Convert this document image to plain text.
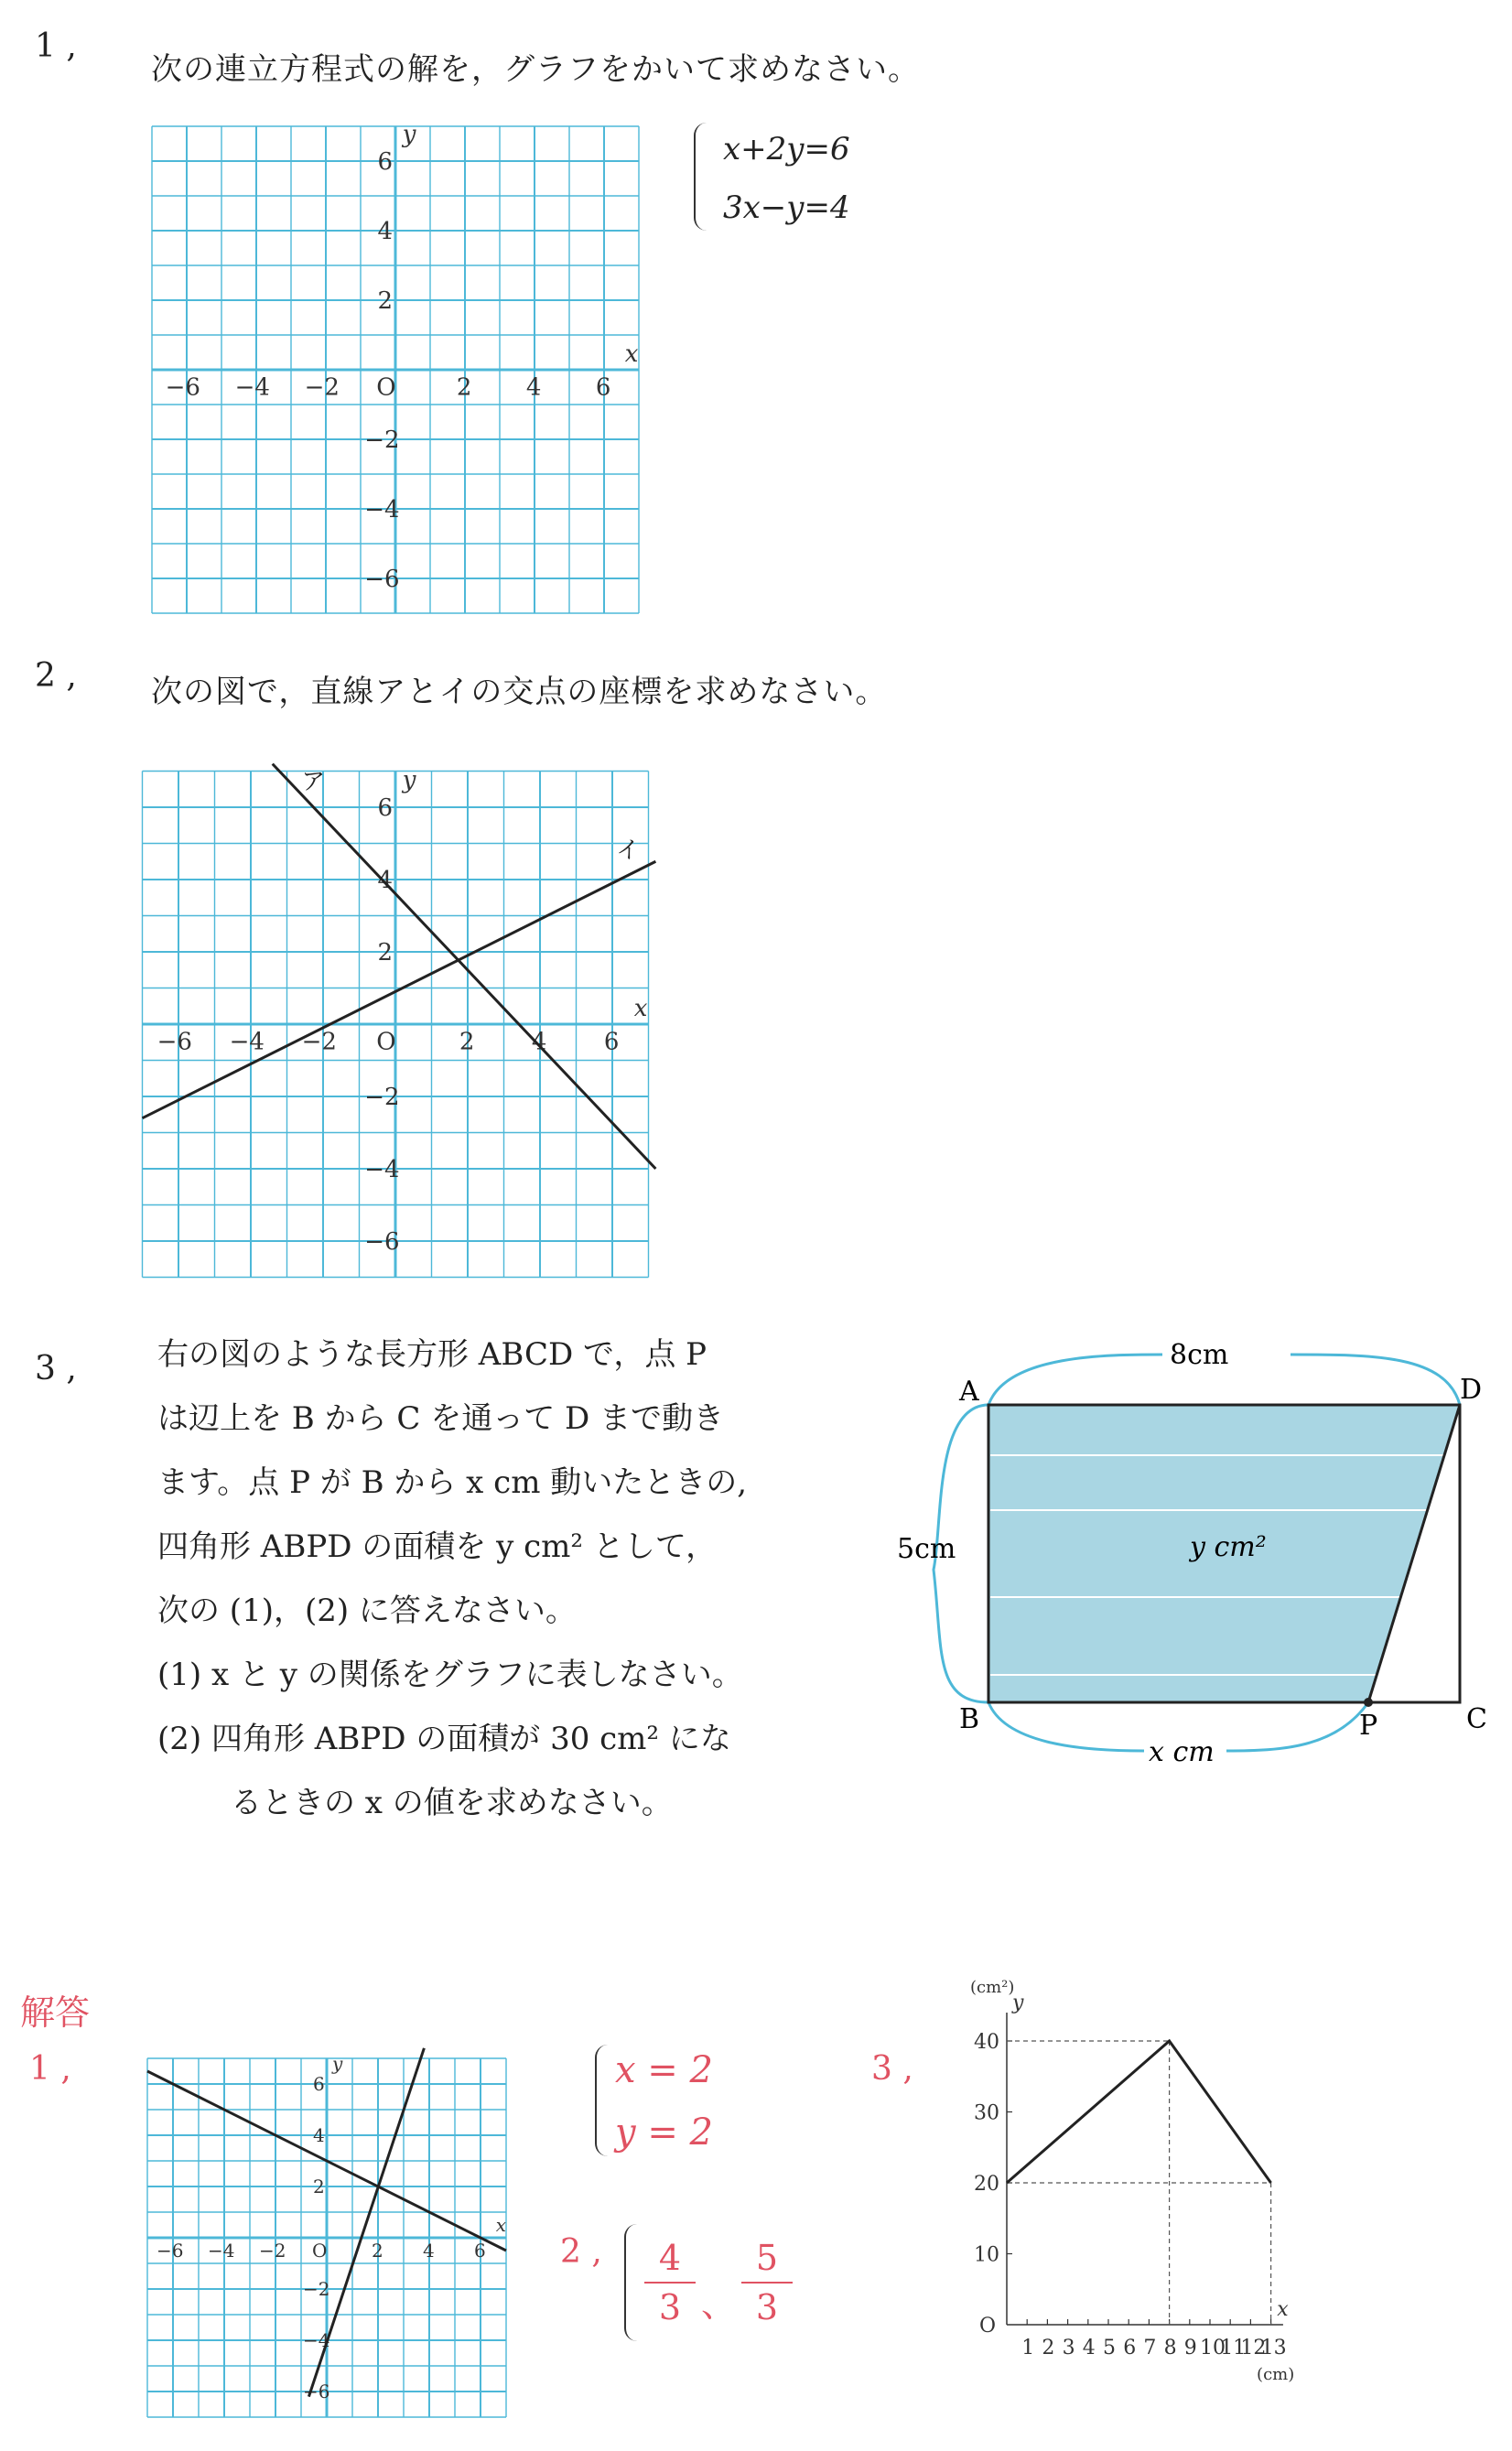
1 ,
次の連立方程式の解を，グラフをかいて求めなさい。
−6 −4 −2	2 4 6
6
4
2
−2
−4
−6
O
x
y	x+2y=6
3x−y=4
2 , 次の図で，直線アとイの交点の座標を求めなさい。
−6 −4 −2	2 4 6
6
4
2
−2
−4
−6
O
x
y
ア
イ
3 ,	右の図のような長方形 ABCD で，点 P
は辺上を B から C を通って D まで動き
ます。点 P が B から x cm 動いたときの,
四角形 ABPD の面積を y cm² として，
次の (1)，(2) に答えなさい。
(1) x と y の関係をグラフに表しなさい。
(2) 四角形 ABPD の面積が 30 cm² にな
るときの x の値を求めなさい。
A	D
B	C
P
8cm
5cm
x cm
y cm²
解答
1 ,
−6 −4 −2	2 4 6
6
4
2
−2
−4
−6
O
x
y	x = 2
y = 2
2 , $\frac{4}{3}$ 、 $\frac{5}{3}$
3 ,
1 2 3 4 5 6 7 8 9 10
11
12
13
10
20
30
40
O
x
y
(cm)
(cm²)
